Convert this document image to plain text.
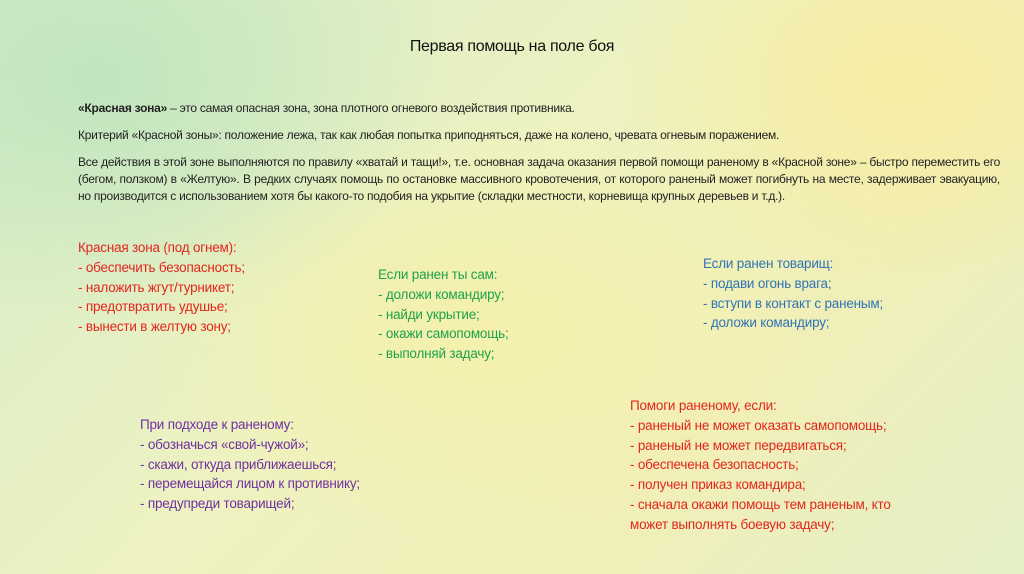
Первая помощь на поле боя
«Красная зона» – это самая опасная зона, зона плотного огневого воздействия противника.
Критерий «Красной зоны»: положение лежа, так как любая попытка приподняться, даже на колено, чревата огневым поражением.
Все действия в этой зоне выполняются по правилу «хватай и тащи!», т.е. основная задача оказания первой помощи раненому в «Красной зоне» – быстро переместить его (бегом, ползком) в «Желтую». В редких случаях помощь по остановке массивного кровотечения, от которого раненый может погибнуть на месте, задерживает эвакуацию, но производится с использованием хотя бы какого-то подобия на укрытие (складки местности, корневища крупных деревьев и т.д.).
Красная зона (под огнем):
- обеспечить безопасность;
- наложить жгут/турникет;
- предотвратить удушье;
- вынести в желтую зону;
Если ранен ты сам:
- доложи командиру;
- найди укрытие;
- окажи самопомощь;
- выполняй задачу;
Если ранен товарищ:
- подави огонь врага;
- вступи в контакт с раненым;
- доложи командиру;
При подходе к раненому:
- обозначься «свой-чужой»;
- скажи, откуда приближаешься;
- перемещайся лицом к противнику;
- предупреди товарищей;
Помоги раненому, если:
- раненый не может оказать самопомощь;
- раненый не может передвигаться;
- обеспечена безопасность;
- получен приказ командира;
- сначала окажи помощь тем раненым, кто
может выполнять боевую задачу;
